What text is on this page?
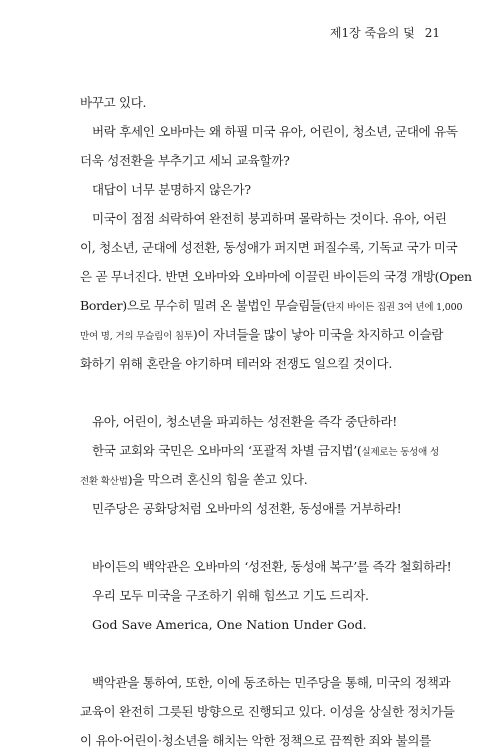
제1장 죽음의 덫 21
바꾸고 있다.
버락 후세인 오바마는 왜 하필 미국 유아, 어린이, 청소년, 군대에 유독
더욱 성전환을 부추기고 세뇌 교육할까?
대답이 너무 분명하지 않은가?
미국이 점점 쇠락하여 완전히 붕괴하며 몰락하는 것이다. 유아, 어린
이, 청소년, 군대에 성전환, 동성애가 퍼지면 퍼질수록, 기독교 국가 미국
은 곧 무너진다. 반면 오바마와 오바마에 이끌린 바이든의 국경 개방(Open
Border)으로 무수히 밀려 온 불법인 무슬림들(단지 바이든 집권 3여 년에 1,000
만여 명, 거의 무슬림이 침투)이 자녀들을 많이 낳아 미국을 차지하고 이슬람
화하기 위해 혼란을 야기하며 테러와 전쟁도 일으킬 것이다.
유아, 어린이, 청소년을 파괴하는 성전환을 즉각 중단하라!
한국 교회와 국민은 오바마의 ‘포괄적 차별 금지법’(실제로는 동성애 성
전환 확산법)을 막으려 혼신의 힘을 쏟고 있다.
민주당은 공화당처럼 오바마의 성전환, 동성애를 거부하라!
바이든의 백악관은 오바마의 ‘성전환, 동성애 복구’를 즉각 철회하라!
우리 모두 미국을 구조하기 위해 힘쓰고 기도 드리자.
God Save America, One Nation Under God.
백악관을 통하여, 또한, 이에 동조하는 민주당을 통해, 미국의 정책과
교육이 완전히 그릇된 방향으로 진행되고 있다. 이성을 상실한 정치가들
이 유아·어린이·청소년을 해치는 악한 정책으로 끔찍한 죄와 불의를
